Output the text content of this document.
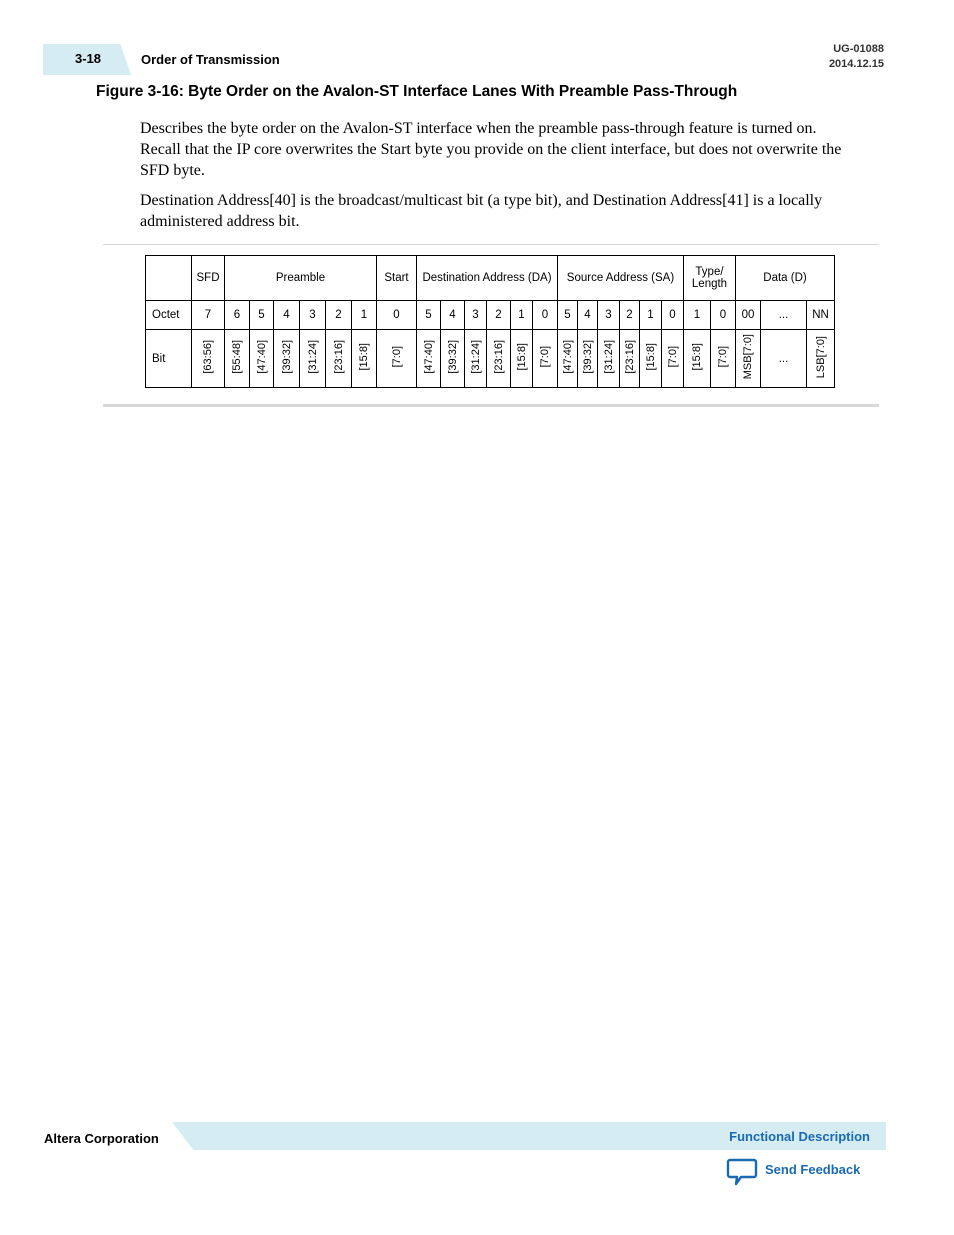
3-18	Order of Transmission
UG-01088
2014.12.15
Figure 3-16: Byte Order on the Avalon-ST Interface Lanes With Preamble Pass-Through

Describes the byte order on the Avalon-ST interface when the preamble pass-through feature is turned on. Recall that the IP core overwrites the Start byte you provide on the client interface, but does not overwrite the SFD byte.

Destination Address[40] is the broadcast/multicast bit (a type bit), and Destination Address[41] is a locally administered address bit.

	SFD	Preamble						Start	Destination Address (DA)						Source Address (SA)						Type/ Length		Data (D)		
Octet	7	6	5	4	3	2	1	0	5	4	3	2	1	0	5	4	3	2	1	0	1	0	00	...	NN
Bit	[63:56]	[55:48]	[47:40]	[39:32]	[31:24]	[23:16]	[15:8]	[7:0]	[47:40]	[39:32]	[31:24]	[23:16]	[15:8]	[7:0]	[47:40]	[39:32]	[31:24]	[23:16]	[15:8]	[7:0]	[15:8]	[7:0]	MSB[7:0]	...	LSB[7:0]
Altera Corporation	Functional Description
Send Feedback
